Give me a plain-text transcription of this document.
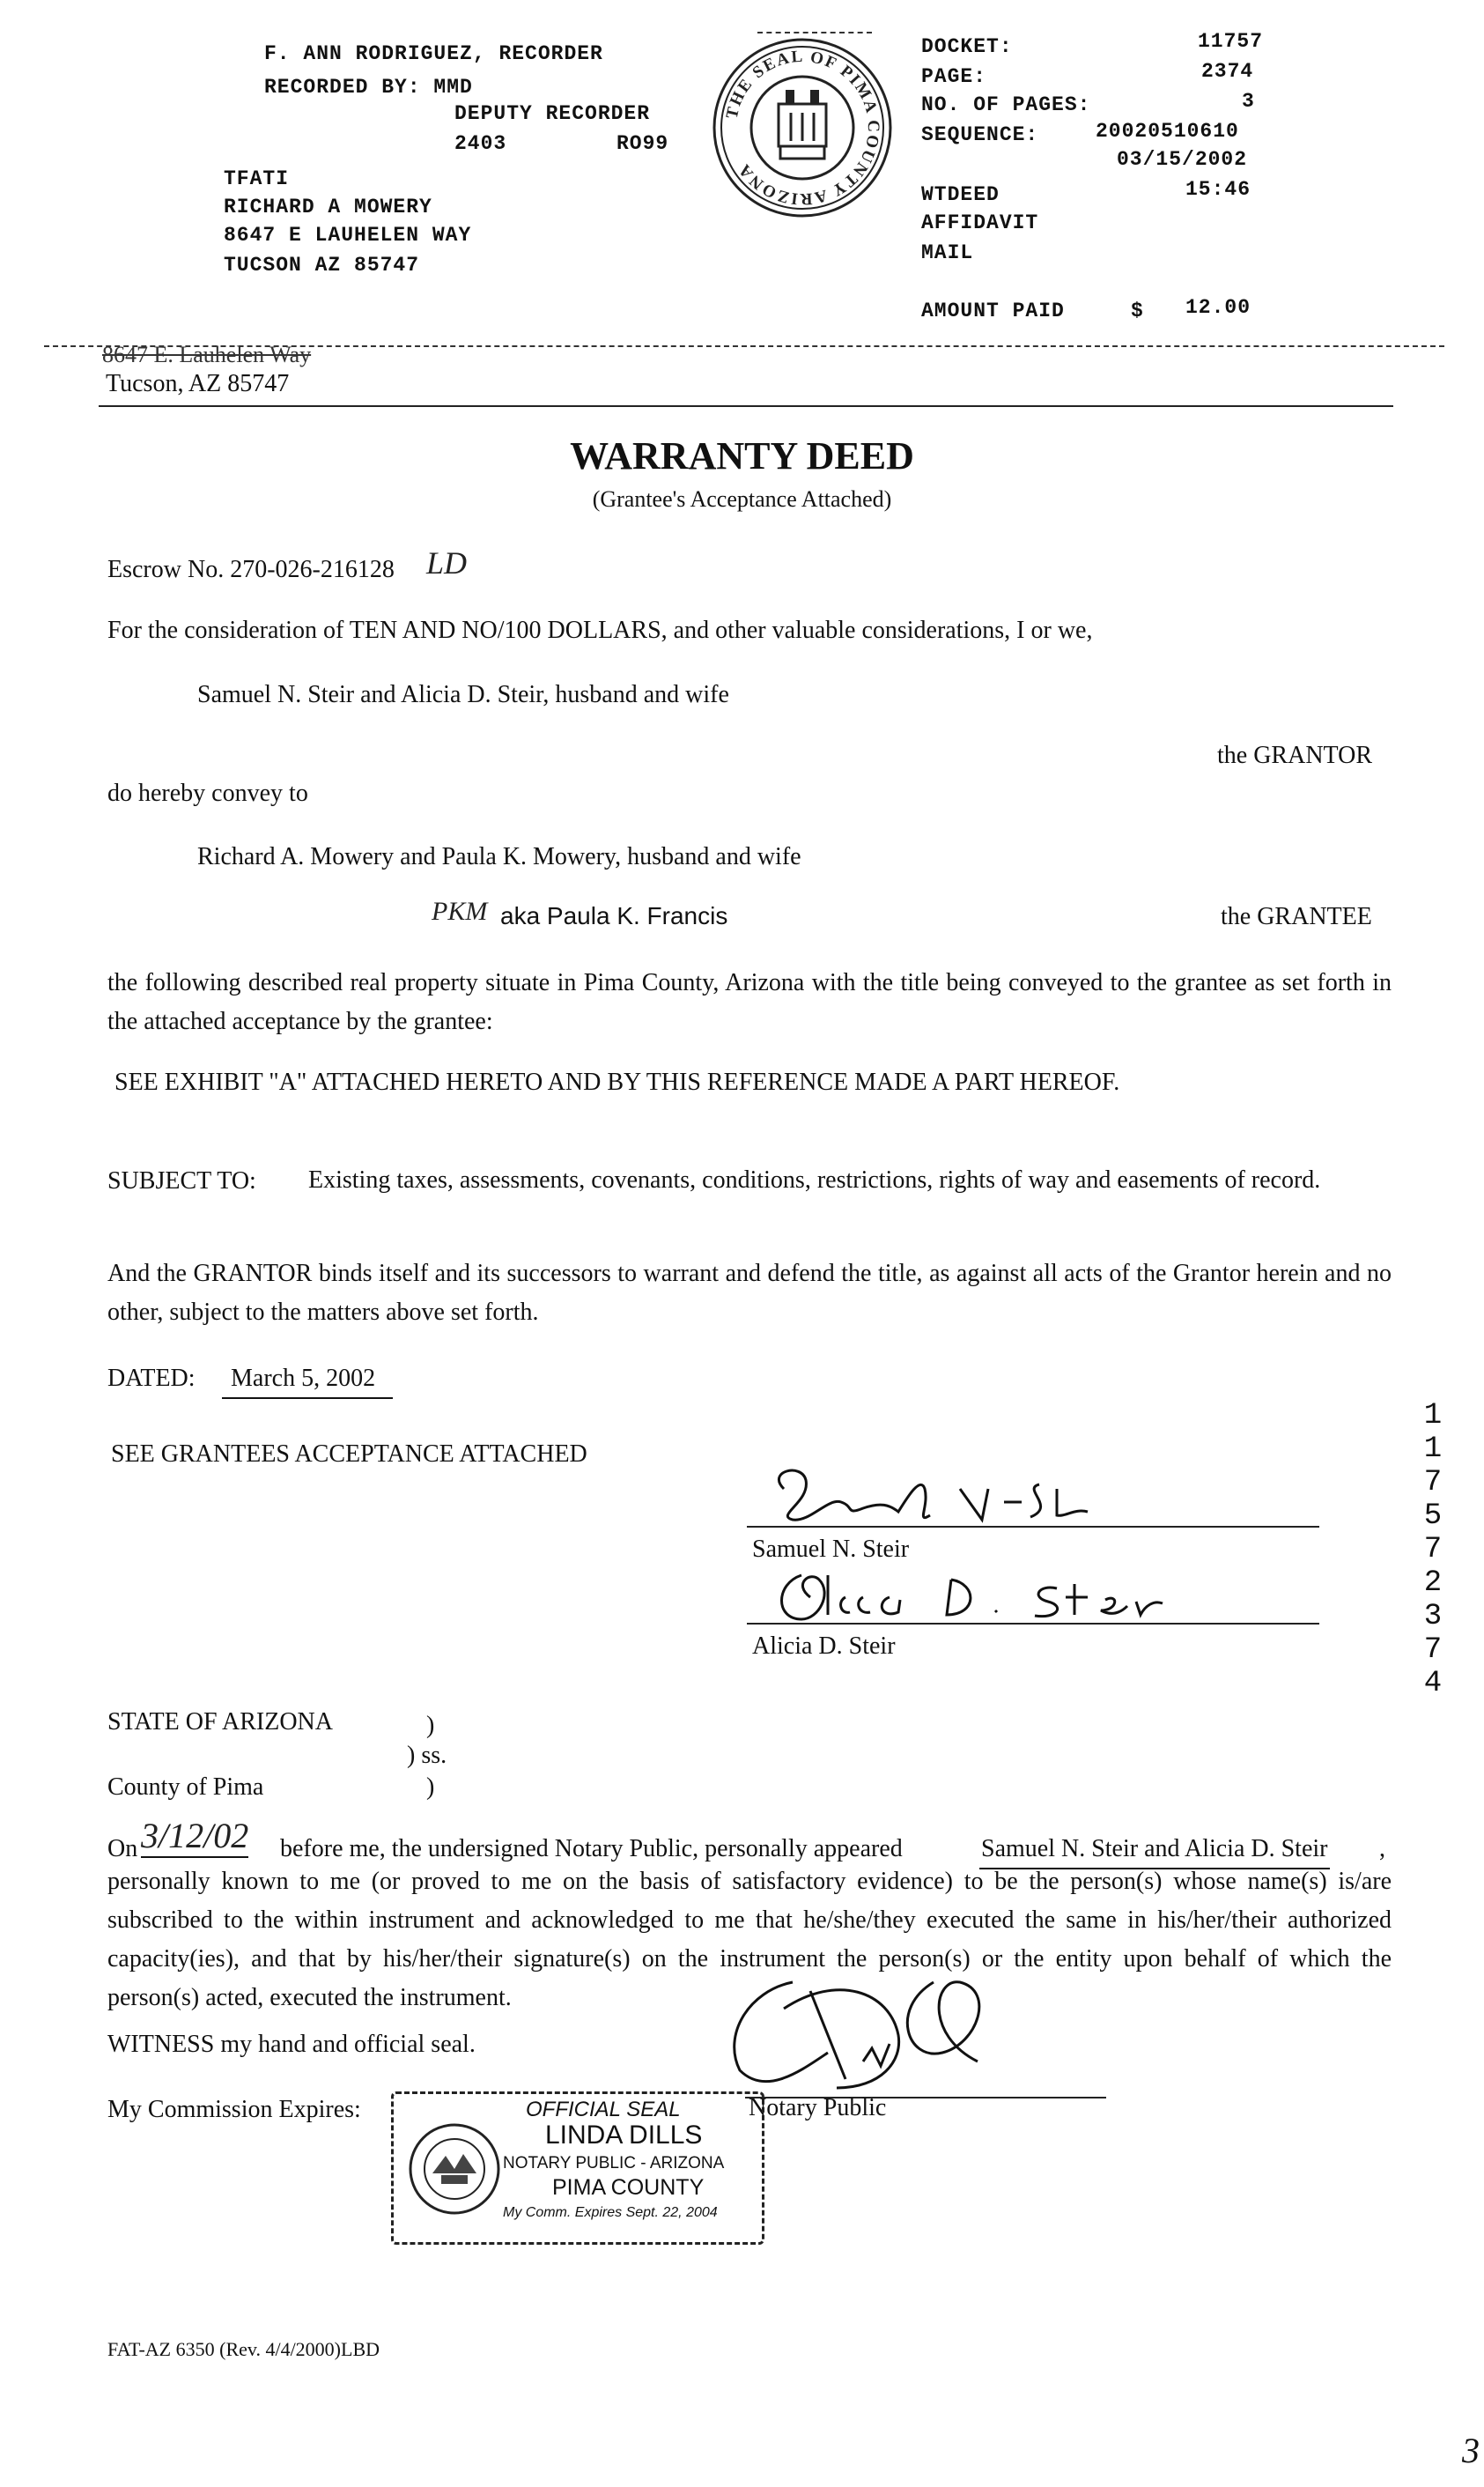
F. ANN RODRIGUEZ, RECORDER
RECORDED BY: MMD
DEPUTY RECORDER
2403	RO99
TFATI
RICHARD A MOWERY
8647 E LAUHELEN WAY
TUCSON AZ 85747
THE SEAL OF PIMA COUNTY ARIZONA
DOCKET:	11757
PAGE:	2374
NO. OF PAGES:	3
SEQUENCE:	20020510610
03/15/2002
WTDEED	15:46
AFFIDAVIT
MAIL
AMOUNT PAID	$ 12.00
8647 E. Lauhelen Way
Tucson, AZ 85747
WARRANTY DEED
(Grantee's Acceptance Attached)
Escrow No. 270-026-216128 LD
For the consideration of TEN AND NO/100 DOLLARS, and other valuable considerations, I or we,
Samuel N. Steir and Alicia D. Steir, husband and wife
the GRANTOR
do hereby convey to
Richard A. Mowery and Paula K. Mowery, husband and wife
PKM aka Paula K. Francis	the GRANTEE
the following described real property situate in Pima County, Arizona with the title being conveyed to the grantee as set forth in the attached acceptance by the grantee:
SEE EXHIBIT "A" ATTACHED HERETO AND BY THIS REFERENCE MADE A PART HEREOF.
SUBJECT TO: Existing taxes, assessments, covenants, conditions, restrictions, rights of way and easements of record.
And the GRANTOR binds itself and its successors to warrant and defend the title, as against all acts of the Grantor herein and no other, subject to the matters above set forth.
DATED:	March 5, 2002
SEE GRANTEES ACCEPTANCE ATTACHED
Samuel N. Steir
Alicia D. Steir
1
1
7
5
7
2
3
7
4
STATE OF ARIZONA	)
) ss.
County of Pima	)
On 3/12/02 before me, the undersigned Notary Public, personally appeared	Samuel N. Steir and Alicia D. Steir ,
personally known to me (or proved to me on the basis of satisfactory evidence) to be the person(s) whose name(s) is/are subscribed to the within instrument and acknowledged to me that he/she/they executed the same in his/her/their authorized capacity(ies), and that by his/her/their signature(s) on the instrument the person(s) or the entity upon behalf of which the person(s) acted, executed the instrument.
WITNESS my hand and official seal.
Notary Public
My Commission Expires:	OFFICIAL SEAL
LINDA DILLS
NOTARY PUBLIC - ARIZONA
PIMA COUNTY
My Comm. Expires Sept. 22, 2004
FAT-AZ 6350 (Rev. 4/4/2000)LBD
3
